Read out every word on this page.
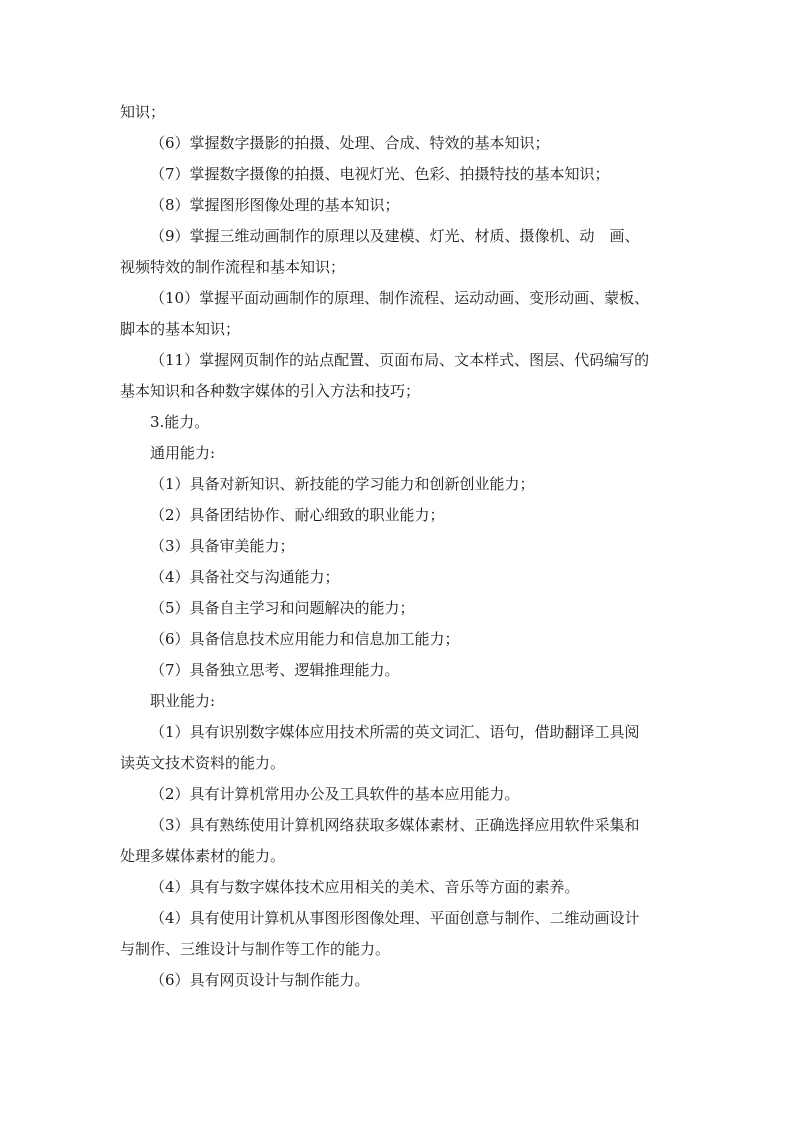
知识；
（6）掌握数字摄影的拍摄、处理、合成、特效的基本知识；
（7）掌握数字摄像的拍摄、电视灯光、色彩、拍摄特技的基本知识；
（8）掌握图形图像处理的基本知识；
（9）掌握三维动画制作的原理以及建模、灯光、材质、摄像机、动　画、
视频特效的制作流程和基本知识；
（10）掌握平面动画制作的原理、制作流程、运动动画、变形动画、蒙板、
脚本的基本知识；
（11）掌握网页制作的站点配置、页面布局、文本样式、图层、代码编写的
基本知识和各种数字媒体的引入方法和技巧；
3.能力。
通用能力:
（1）具备对新知识、新技能的学习能力和创新创业能力；
（2）具备团结协作、耐心细致的职业能力；
（3）具备审美能力；
（4）具备社交与沟通能力；
（5）具备自主学习和问题解决的能力；
（6）具备信息技术应用能力和信息加工能力；
（7）具备独立思考、逻辑推理能力。
职业能力:
（1）具有识别数字媒体应用技术所需的英文词汇、语句，借助翻译工具阅
读英文技术资料的能力。
（2）具有计算机常用办公及工具软件的基本应用能力。
（3）具有熟练使用计算机网络获取多媒体素材、正确选择应用软件采集和
处理多媒体素材的能力。
（4）具有与数字媒体技术应用相关的美术、音乐等方面的素养。
（4）具有使用计算机从事图形图像处理、平面创意与制作、二维动画设计
与制作、三维设计与制作等工作的能力。
（6）具有网页设计与制作能力。
